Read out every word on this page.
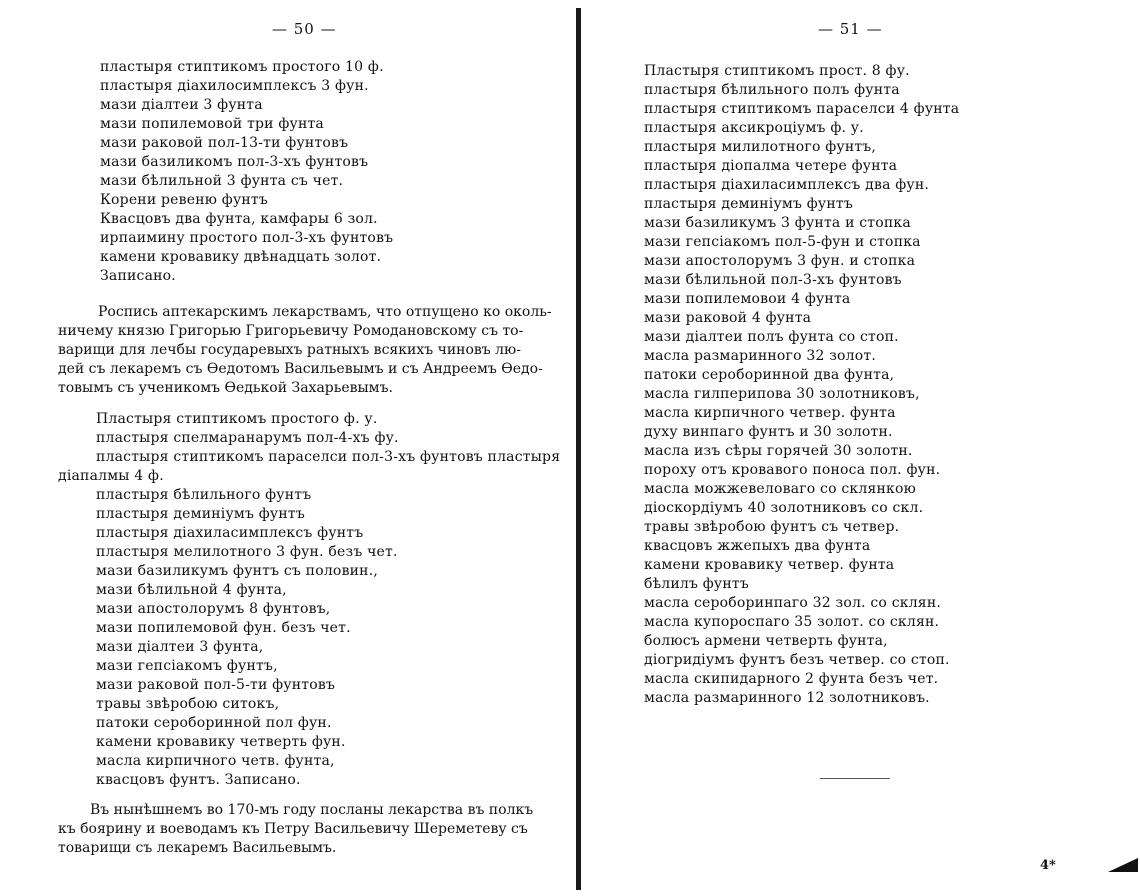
— 50 —
пластыря стиптикомъ простого 10 ф.
пластыря діахилосимплексъ 3 фун.
мази діалтеи 3 фунта
мази попилемовой три фунта
мази раковой пол-13-ти фунтовъ
мази базиликомъ пол-3-хъ фунтовъ
мази бѣлильной 3 фунта съ чет.
Корени ревеню фунтъ
Квасцовъ два фунта, камфары 6 зол.
ирпаимину простого пол-3-хъ фунтовъ
камени кровавику двѣнадцать золот.
Записано.
Роспись аптекарскимъ лекарствамъ, что отпущено ко околь-
ничему князю Григорью Григорьевичу Ромодановскому съ то-
варищи для лечбы государевыхъ ратныхъ всякихъ чиновъ лю-
дей съ лекаремъ съ Ѳедотомъ Васильевымъ и съ Андреемъ Ѳедо-
товымъ съ ученикомъ Ѳедькой Захарьевымъ.
Пластыря стиптикомъ простого ф. у.
пластыря спелмаранарумъ пол-4-хъ фу.
пластыря стиптикомъ параселси пол-3-хъ фунтовъ пластыря
діапалмы 4 ф.
пластыря бѣлильного фунтъ
пластыря деминіумъ фунтъ
пластыря діахиласимплексъ фунтъ
пластыря мелилотного 3 фун. безъ чет.
мази базиликумъ фунтъ съ половин.,
мази бѣлильной 4 фунта,
мази апостолорумъ 8 фунтовъ,
мази попилемовой фун. безъ чет.
мази діалтеи 3 фунта,
мази гепсіакомъ фунтъ,
мази раковой пол-5-ти фунтовъ
травы звѣробою ситокъ,
патоки сероборинной пол фун.
камени кровавику четверть фун.
масла кирпичного четв. фунта,
квасцовъ фунтъ. Записано.
Въ нынѣшнемъ во 170-мъ году посланы лекарства въ полкъ
къ боярину и воеводамъ къ Петру Васильевичу Шереметеву съ
товарищи съ лекаремъ Васильевымъ.
— 51 —
Пластыря стиптикомъ прост. 8 фу.
пластыря бѣлильного полъ фунта
пластыря стиптикомъ параселси 4 фунта
пластыря аксикроціумъ ф. у.
пластыря милилотного фунтъ,
пластыря діопалма четере фунта
пластыря діахиласимплексъ два фун.
пластыря деминіумъ фунтъ
мази базиликумъ 3 фунта и стопка
мази гепсіакомъ пол-5-фун и стопка
мази апостолорумъ 3 фун. и стопка
мази бѣлильной пол-3-хъ фунтовъ
мази попилемовои 4 фунта
мази раковой 4 фунта
мази діалтеи полъ фунта со стоп.
масла размаринного 32 золот.
патоки сероборинной два фунта,
масла гилперипова 30 золотниковъ,
масла кирпичного четвер. фунта
духу винпаго фунтъ и 30 золотн.
масла изъ сѣры горячей 30 золотн.
пороху отъ кровавого поноса пол. фун.
масла можжевеловаго со склянкою
діоскордіумъ 40 золотниковъ со скл.
травы звѣробою фунтъ съ четвер.
квасцовъ жжепыхъ два фунта
камени кровавику четвер. фунта
бѣлилъ фунтъ
масла сероборинпаго 32 зол. со склян.
масла купороспаго 35 золот. со склян.
болюсъ армени четверть фунта,
діогридіумъ фунтъ безъ четвер. со стоп.
масла скипидарного 2 фунта безъ чет.
масла размаринного 12 золотниковъ.
4*
